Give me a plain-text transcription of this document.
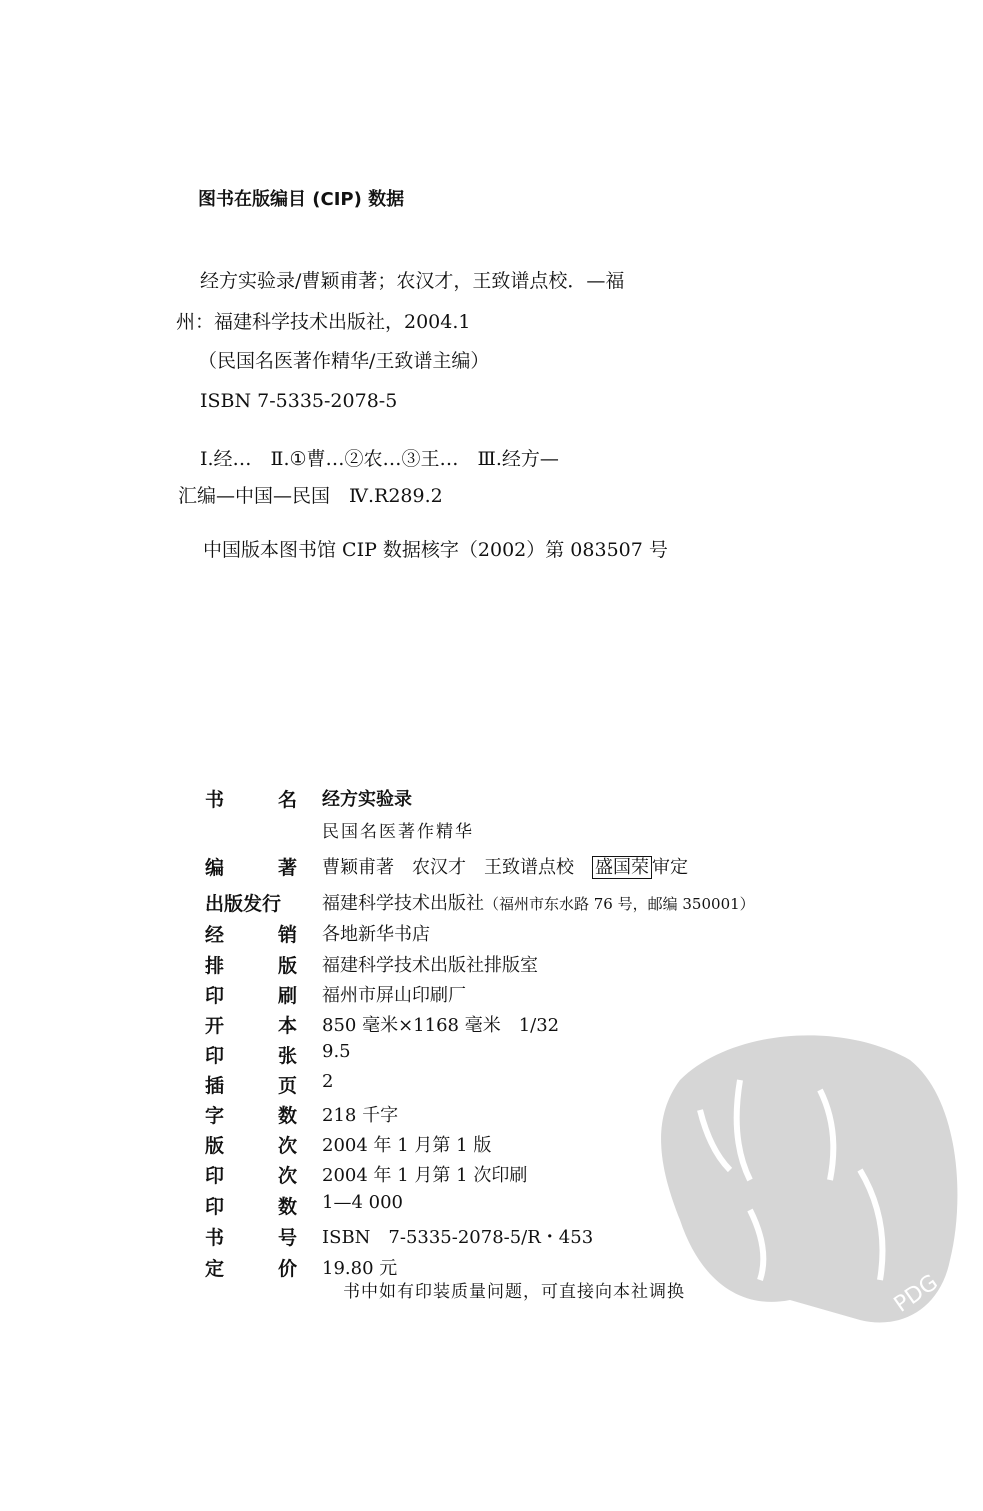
图书在版编目 (CIP) 数据
经方实验录/曹颖甫著；农汉才，王致谱点校．—福
州：福建科学技术出版社，2004.1
（民国名医著作精华/王致谱主编）
ISBN 7-5335-2078-5
Ⅰ.经…　Ⅱ.①曹…②农…③王…　Ⅲ.经方—
汇编—中国—民国　Ⅳ.R289.2
中国版本图书馆 CIP 数据核字（2002）第 083507 号
PDG
书	名 经方实验录
民国名医著作精华
编	著 曹颖甫著　农汉才　王致谱点校　盛国荣 审定
出版发行 福建科学技术出版社（福州市东水路 76 号，邮编 350001）
经	销 各地新华书店
排	版 福建科学技术出版社排版室
印	刷 福州市屏山印刷厂
开	本 850 毫米×1168 毫米　1/32
印	张 9.5
插	页 2
字	数 218 千字
版	次 2004 年 1 月第 1 版
印	次 2004 年 1 月第 1 次印刷
印	数 1—4 000
书	号 ISBN　7-5335-2078-5/R・453
定	价 19.80 元
书中如有印装质量问题，可直接向本社调换
